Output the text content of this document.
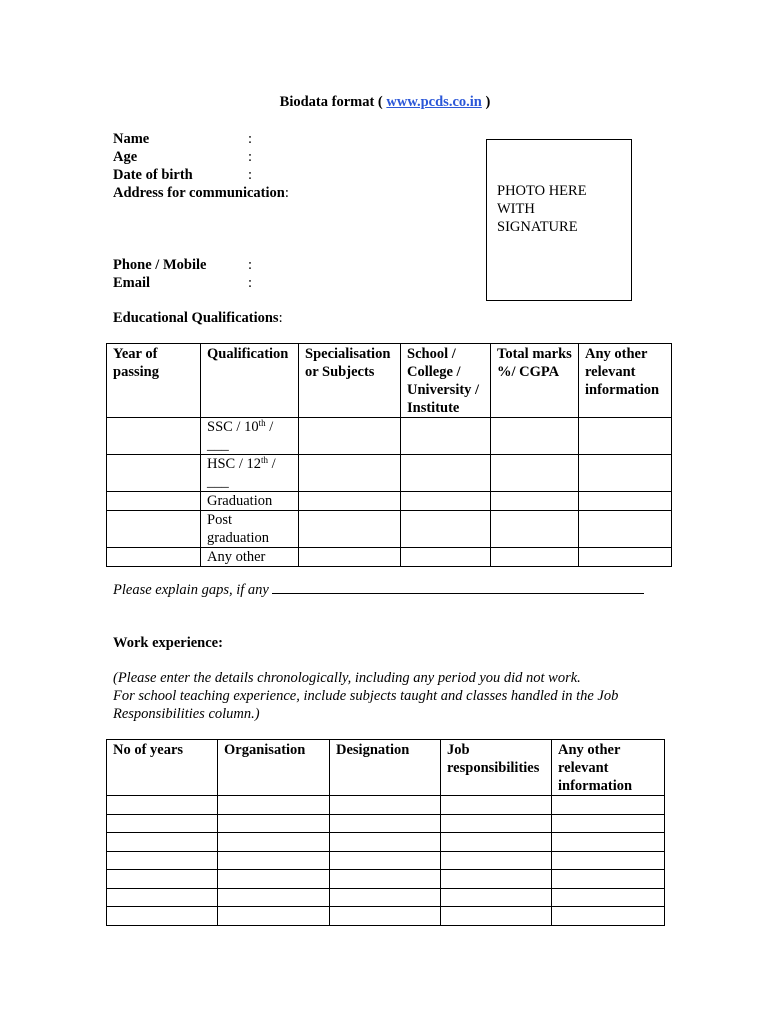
Biodata format ( www.pcds.co.in )
Name	:
Age	:
Date of birth	:
Address for communication:
Phone / Mobile	:
Email	:
PHOTO HERE
WITH
SIGNATURE
Educational Qualifications:
Year of passing	Qualification	Specialisation or Subjects	School / College / University / Institute	Total marks %/ CGPA	Any other relevant information
	SSC / 10th / ___				
	HSC / 12th / ___				
	Graduation				
	Post graduation				
	Any other				
Please explain gaps, if any
Work experience:
(Please enter the details chronologically, including any period you did not work.
For school teaching experience, include subjects taught and classes handled in the Job Responsibilities column.)
No of years	Organisation	Designation	Job responsibilities	Any other relevant information
